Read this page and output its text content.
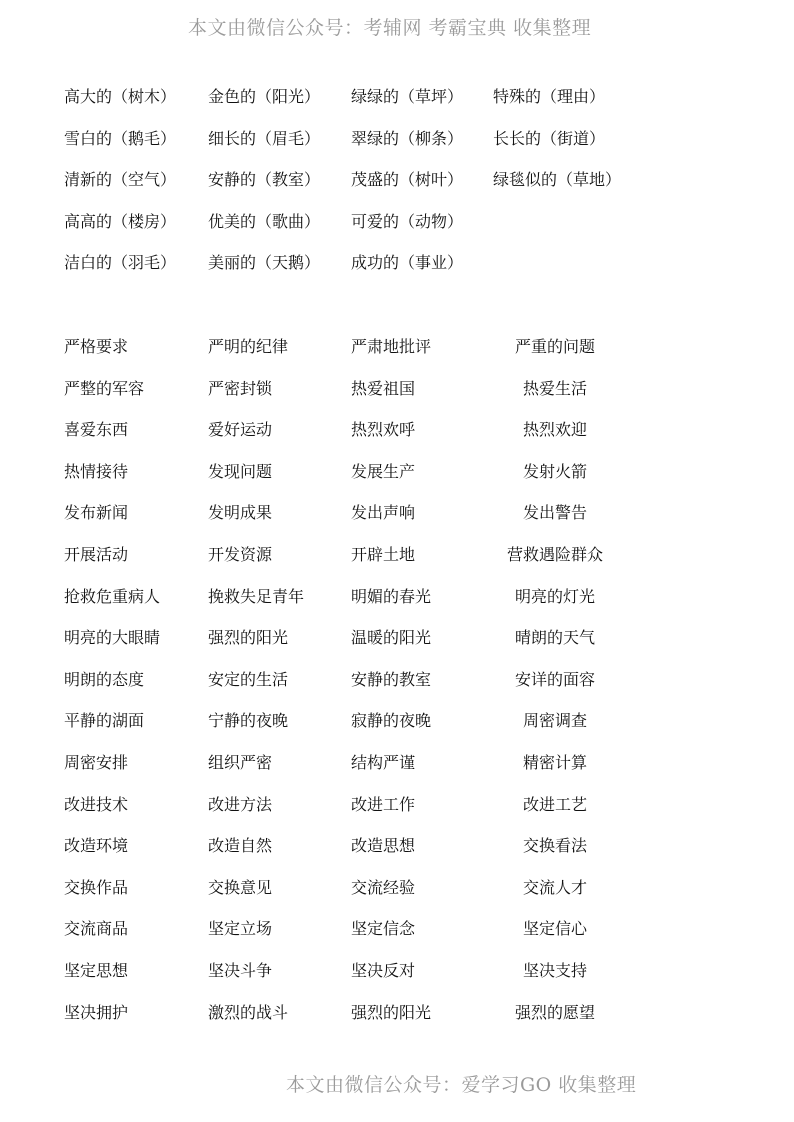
本文由微信公众号：考辅网 考霸宝典 收集整理
高大的（树木） 金色的（阳光） 绿绿的（草坪） 特殊的（理由）
雪白的（鹅毛） 细长的（眉毛） 翠绿的（柳条） 长长的（街道）
清新的（空气） 安静的（教室） 茂盛的（树叶） 绿毯似的（草地）
高高的（楼房） 优美的（歌曲） 可爱的（动物）
洁白的（羽毛） 美丽的（天鹅） 成功的（事业）
严格要求	严明的纪律	严肃地批评	严重的问题
严整的军容	严密封锁	热爱祖国	热爱生活
喜爱东西	爱好运动	热烈欢呼	热烈欢迎
热情接待	发现问题	发展生产	发射火箭
发布新闻	发明成果	发出声响	发出警告
开展活动	开发资源	开辟土地	营救遇险群众
抢救危重病人	挽救失足青年	明媚的春光	明亮的灯光
明亮的大眼睛	强烈的阳光	温暖的阳光	晴朗的天气
明朗的态度	安定的生活	安静的教室	安详的面容
平静的湖面	宁静的夜晚	寂静的夜晚	周密调查
周密安排	组织严密	结构严谨	精密计算
改进技术	改进方法	改进工作	改进工艺
改造环境	改造自然	改造思想	交换看法
交换作品	交换意见	交流经验	交流人才
交流商品	坚定立场	坚定信念	坚定信心
坚定思想	坚决斗争	坚决反对	坚决支持
坚决拥护	激烈的战斗	强烈的阳光	强烈的愿望
本文由微信公众号：爱学习GO 收集整理
